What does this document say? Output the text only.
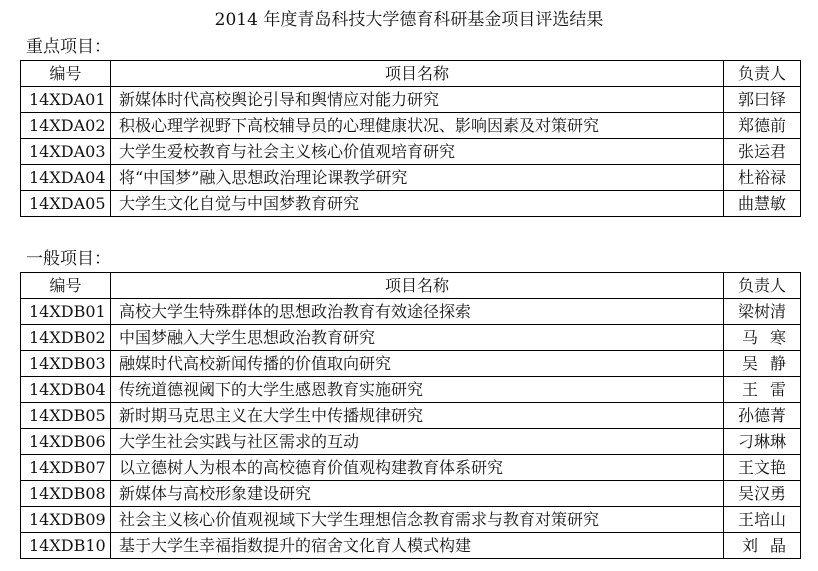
2014 年度青岛科技大学德育科研基金项目评选结果
重点项目：
编号	项目名称	负责人
14XDA01	新媒体时代高校舆论引导和舆情应对能力研究	郭曰铎
14XDA02	积极心理学视野下高校辅导员的心理健康状况、影响因素及对策研究	郑德前
14XDA03	大学生爱校教育与社会主义核心价值观培育研究	张运君
14XDA04	将“中国梦”融入思想政治理论课教学研究	杜裕禄
14XDA05	大学生文化自觉与中国梦教育研究	曲慧敏
一般项目：
编号	项目名称	负责人
14XDB01	高校大学生特殊群体的思想政治教育有效途径探索	梁树清
14XDB02	中国梦融入大学生思想政治教育研究	马寒
14XDB03	融媒时代高校新闻传播的价值取向研究	吴静
14XDB04	传统道德视阈下的大学生感恩教育实施研究	王雷
14XDB05	新时期马克思主义在大学生中传播规律研究	孙德菁
14XDB06	大学生社会实践与社区需求的互动	刁琳琳
14XDB07	以立德树人为根本的高校德育价值观构建教育体系研究	王文艳
14XDB08	新媒体与高校形象建设研究	吴汉勇
14XDB09	社会主义核心价值观视域下大学生理想信念教育需求与教育对策研究	王培山
14XDB10	基于大学生幸福指数提升的宿舍文化育人模式构建	刘晶
